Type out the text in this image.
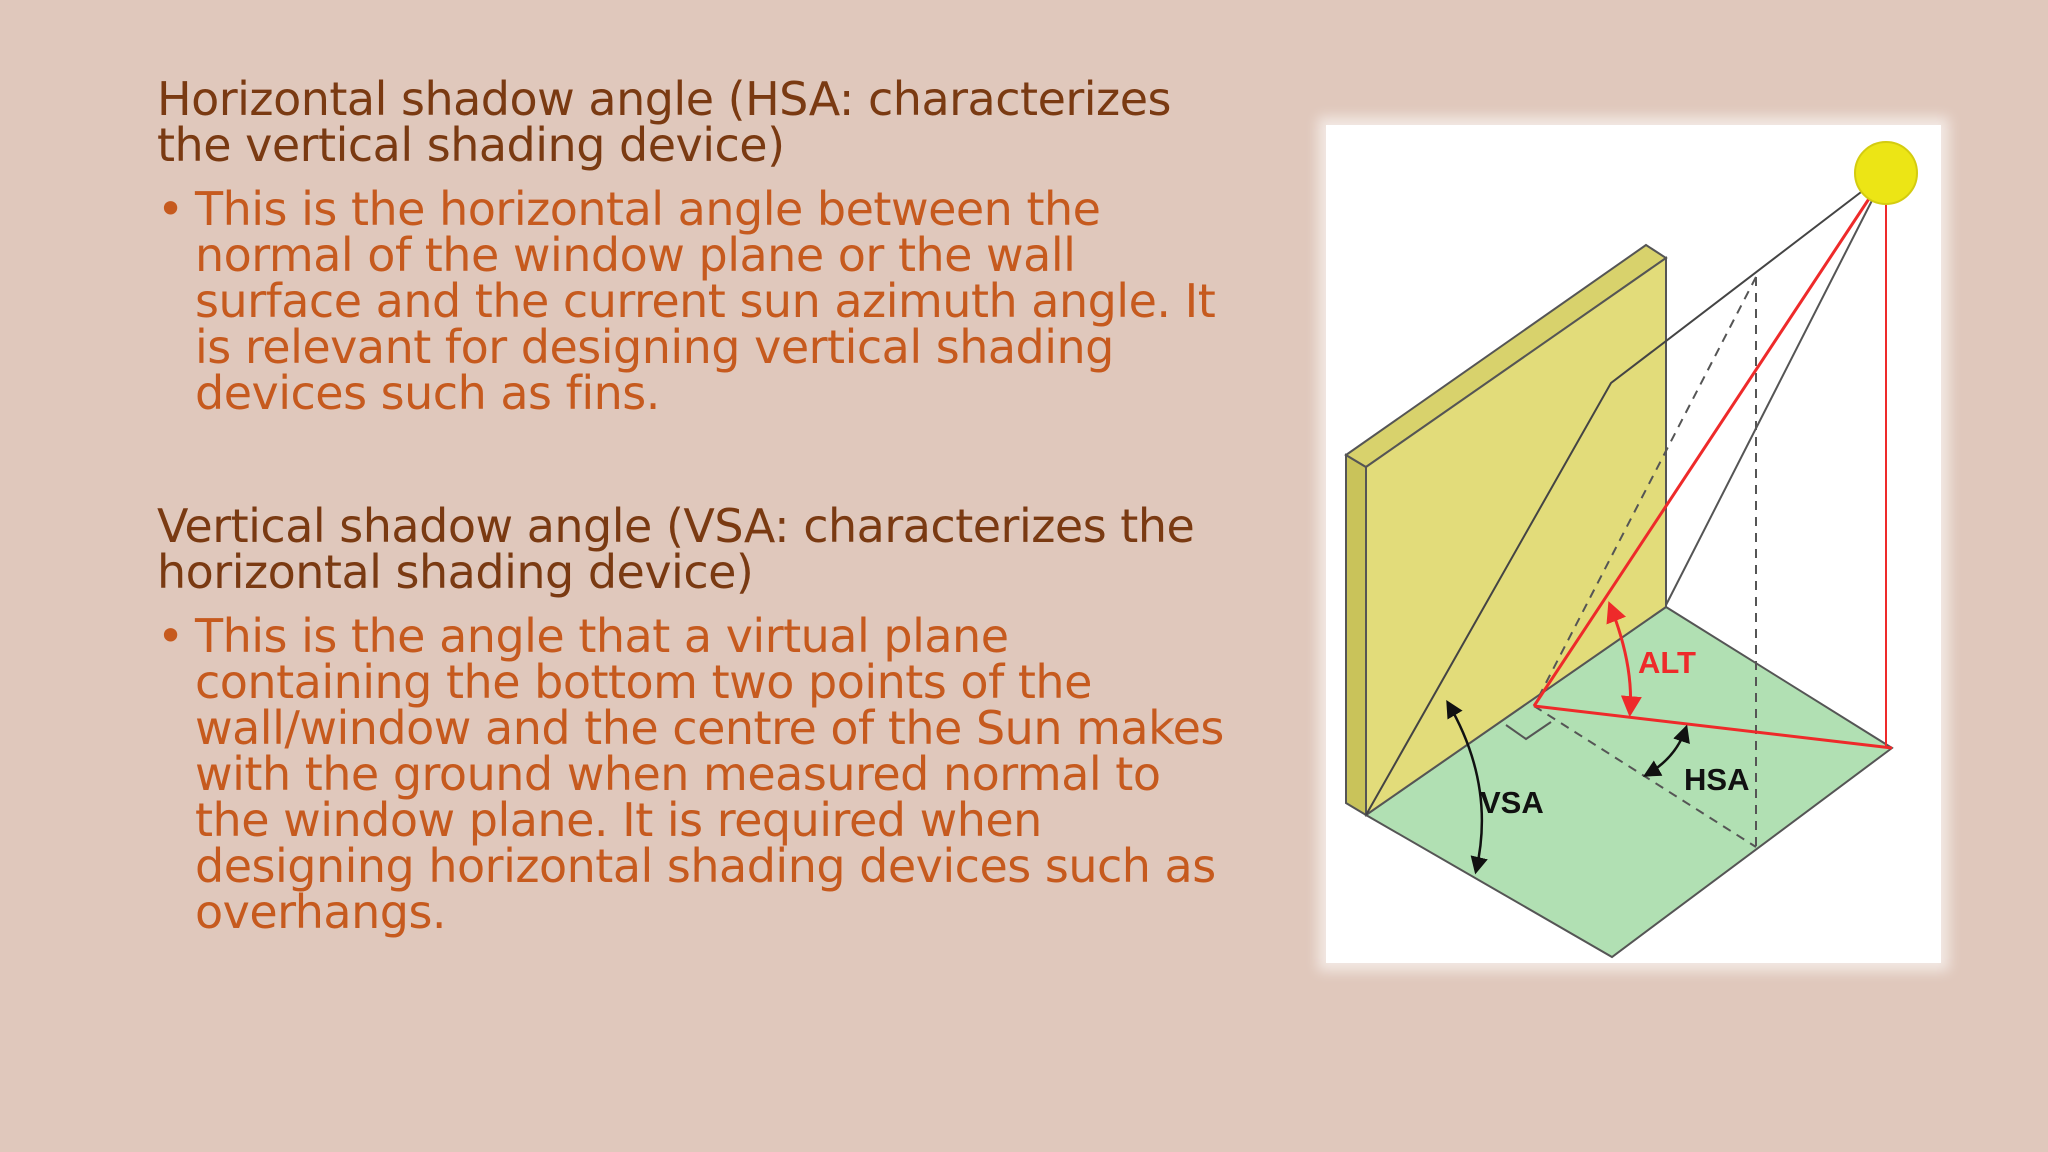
Horizontal shadow angle (HSA: characterizes the vertical shading device)
• This is the horizontal angle between the normal of the window plane or the wall surface and the current sun azimuth angle. It is relevant for designing vertical shading devices such as fins.
Vertical shadow angle (VSA: characterizes the horizontal shading device)
• This is the angle that a virtual plane containing the bottom two points of the wall/window and the centre of the Sun makes with the ground when measured normal to the window plane. It is required when designing horizontal shading devices such as overhangs.
ALT
HSA
VSA
